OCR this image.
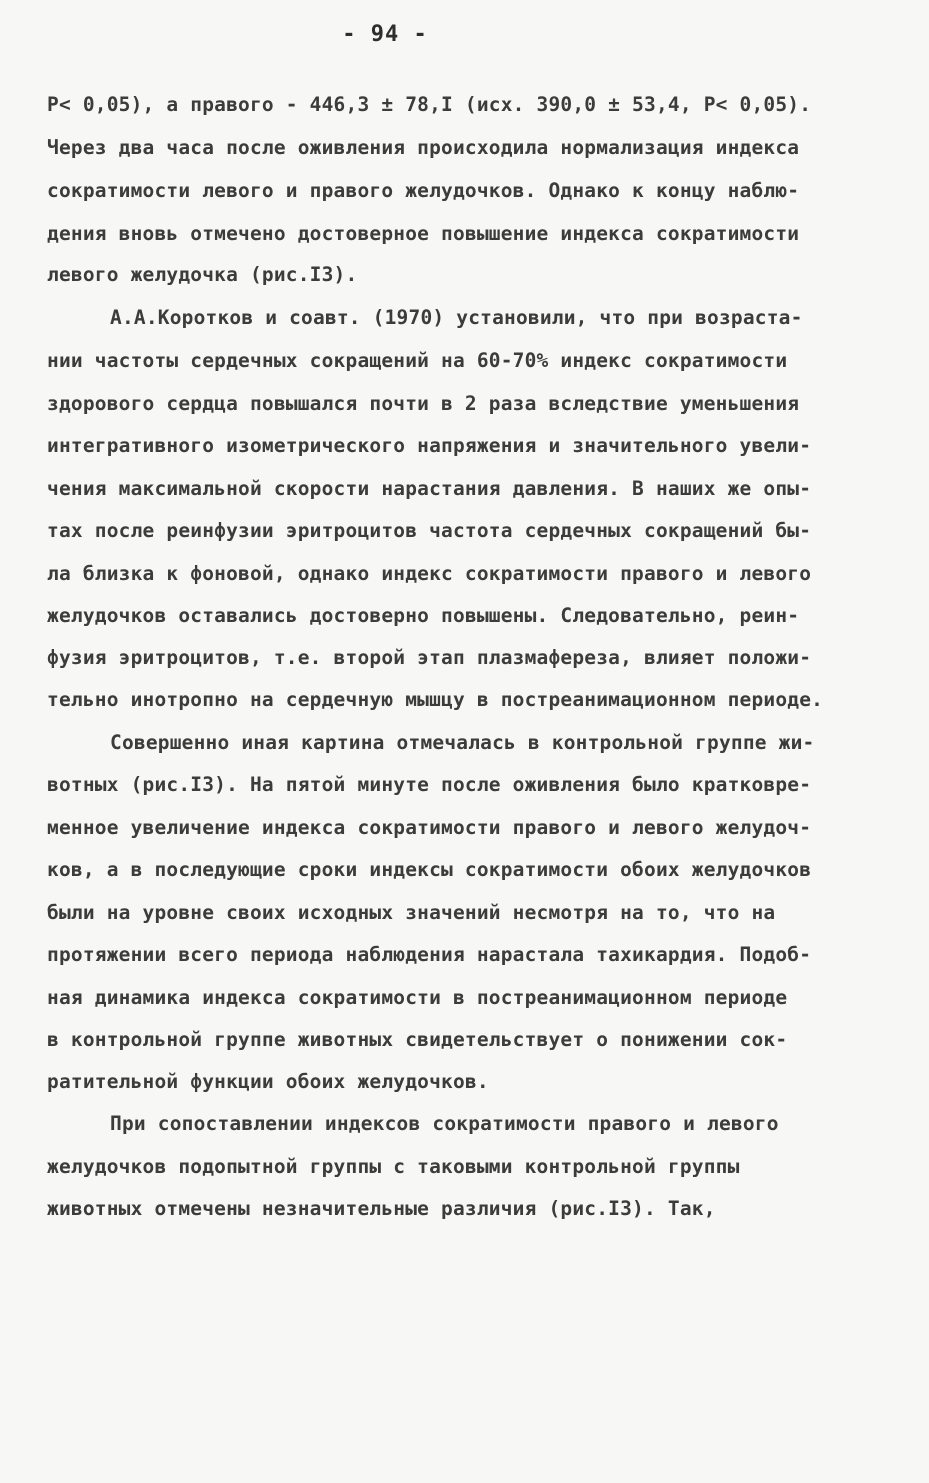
- 94 -
Р< 0,05), а правого - 446,3 ± 78,I (исх. 390,0 ± 53,4, Р< 0,05).
Через два часа после оживления происходила нормализация индекса
сократимости левого и правого желудочков. Однако к концу наблю-
дения вновь отмечено достоверное повышение индекса сократимости
левого желудочка (рис.I3).
А.А.Коротков и соавт. (1970) установили, что при возраста-
нии частоты сердечных сокращений на 60-70% индекс сократимости
здорового сердца повышался почти в 2 раза вследствие уменьшения
интегративного изометрического напряжения и значительного увели-
чения максимальной скорости нарастания давления. В наших же опы-
тах после реинфузии эритроцитов частота сердечных сокращений бы-
ла близка к фоновой, однако индекс сократимости правого и левого
желудочков оставались достоверно повышены. Следовательно, реин-
фузия эритроцитов, т.е. второй этап плазмафереза, влияет положи-
тельно инотропно на сердечную мышцу в постреанимационном периоде.
Совершенно иная картина отмечалась в контрольной группе жи-
вотных (рис.I3). На пятой минуте после оживления было кратковре-
менное увеличение индекса сократимости правого и левого желудоч-
ков, а в последующие сроки индексы сократимости обоих желудочков
были на уровне своих исходных значений несмотря на то, что на
протяжении всего периода наблюдения нарастала тахикардия. Подоб-
ная динамика индекса сократимости в постреанимационном периоде
в контрольной группе животных свидетельствует о понижении сок-
ратительной функции обоих желудочков.
При сопоставлении индексов сократимости правого и левого
желудочков подопытной группы с таковыми контрольной группы
животных отмечены незначительные различия (рис.I3). Так,
